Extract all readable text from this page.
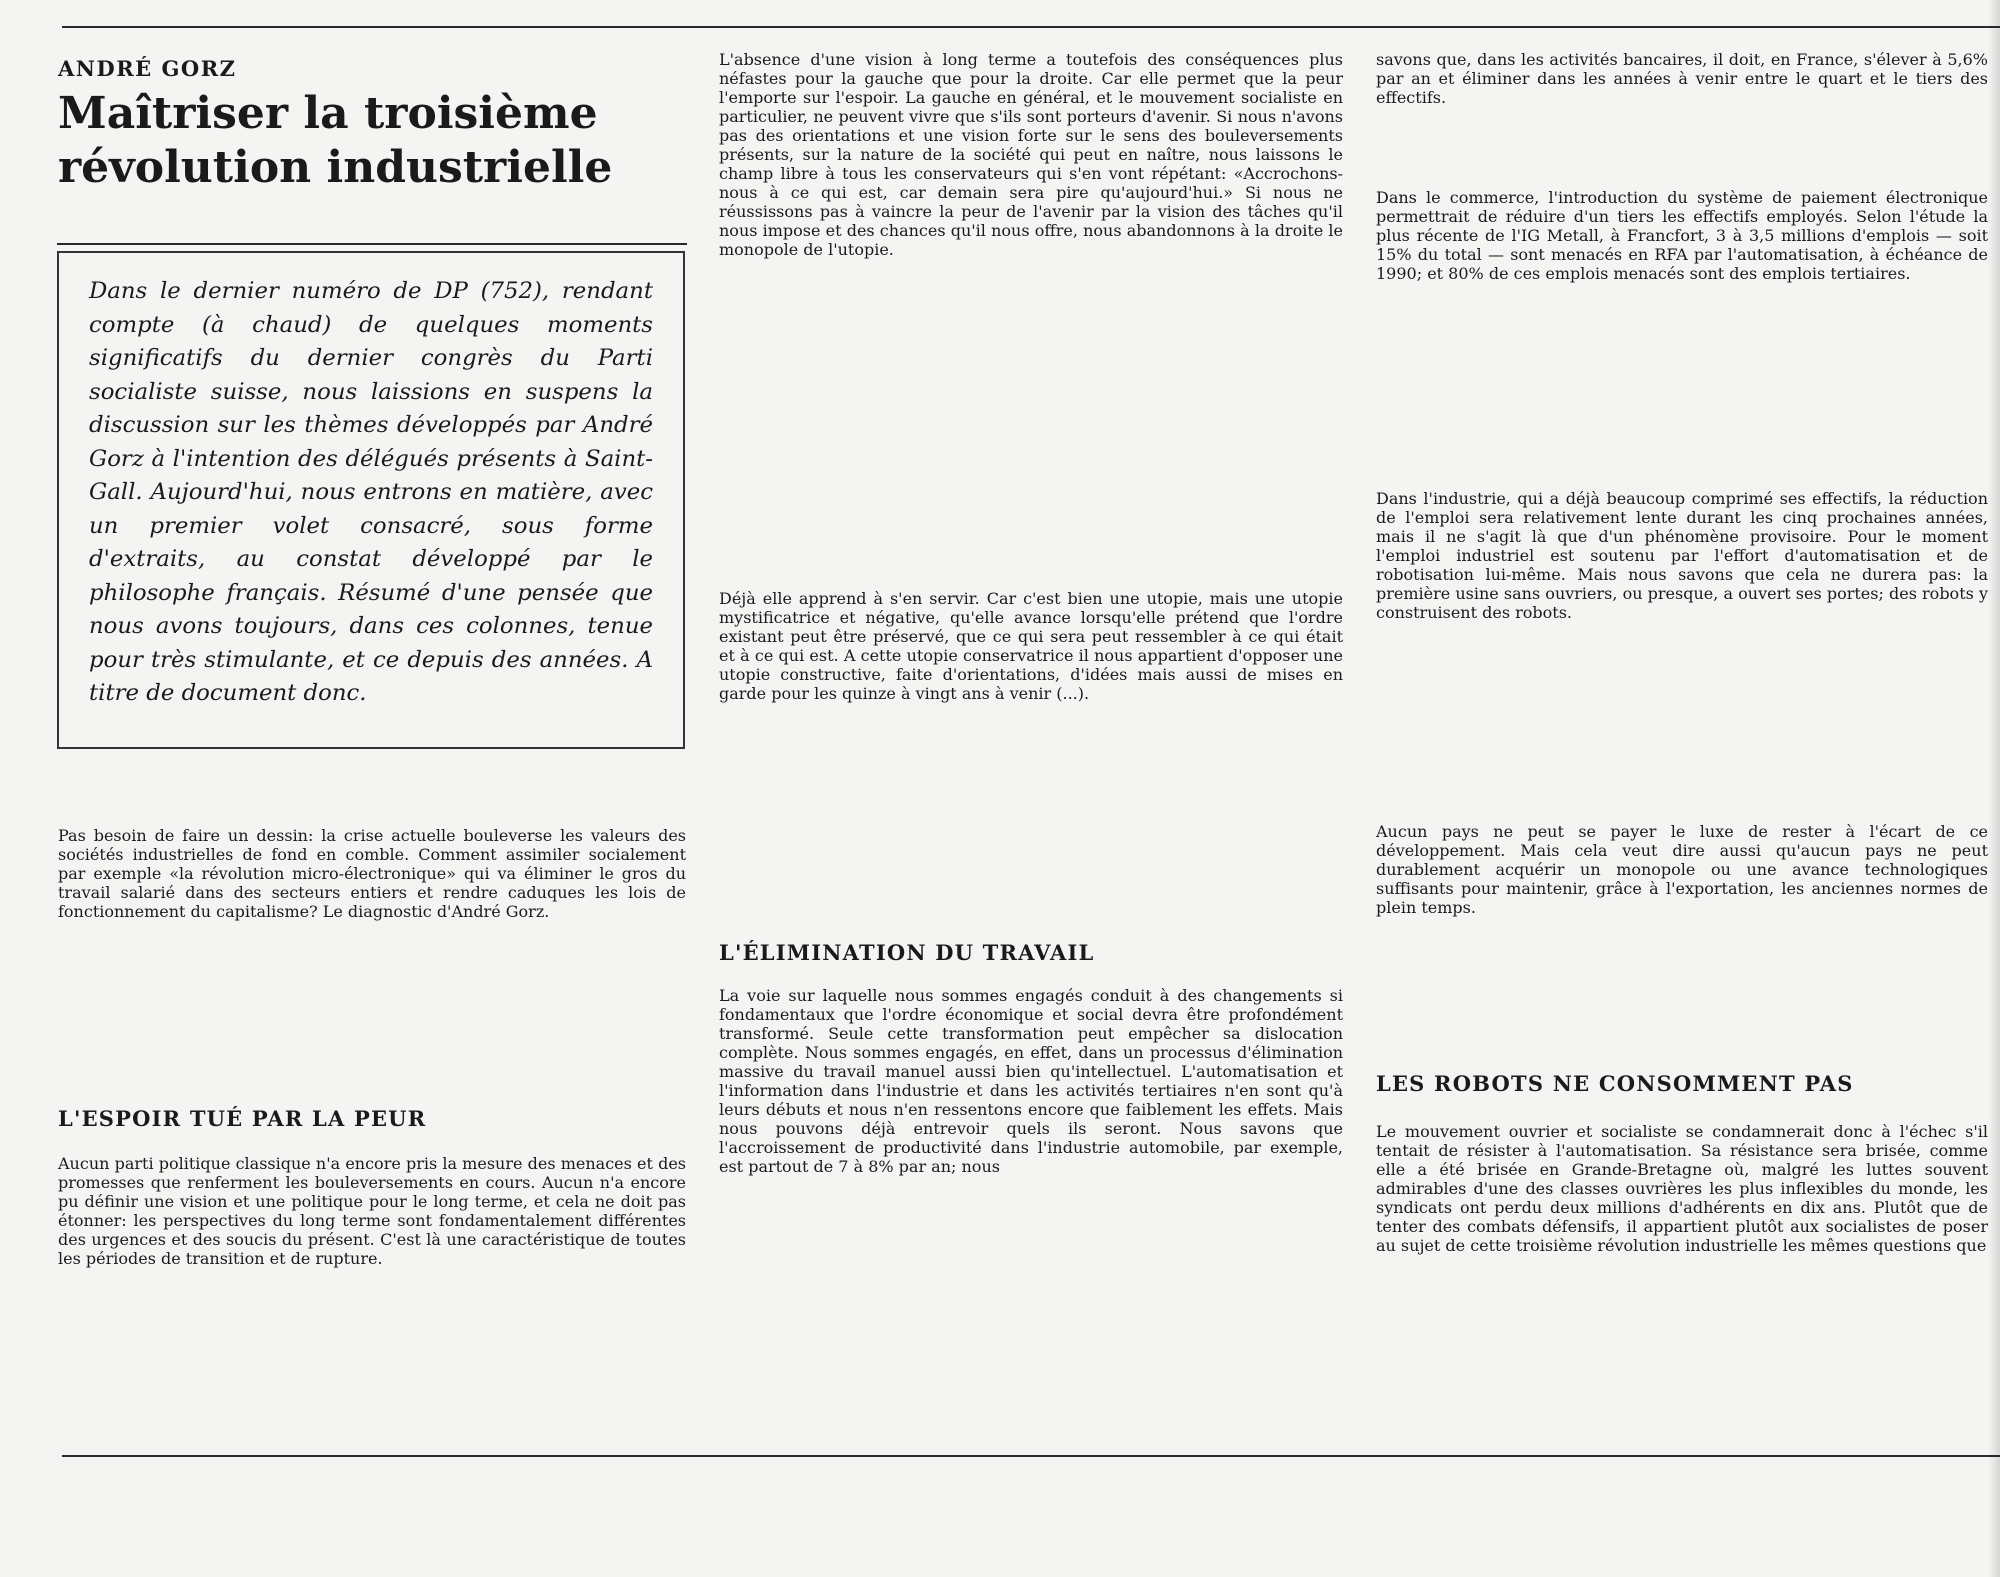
ANDRÉ GORZ
Maîtriser la troisième
révolution industrielle

Dans le dernier numéro de DP (752), rendant compte (à chaud) de quelques moments significatifs du dernier congrès du Parti socialiste suisse, nous laissions en suspens la discussion sur les thèmes développés par André Gorz à l'intention des délégués présents à Saint-Gall. Aujourd'hui, nous entrons en matière, avec un premier volet consacré, sous forme d'extraits, au constat développé par le philosophe français. Résumé d'une pensée que nous avons toujours, dans ces colonnes, tenue pour très stimulante, et ce depuis des années. A titre de document donc.

Pas besoin de faire un dessin: la crise actuelle bouleverse les valeurs des sociétés industrielles de fond en comble. Comment assimiler socialement par exemple «la révolution micro-électronique» qui va éliminer le gros du travail salarié dans des secteurs entiers et rendre caduques les lois de fonctionnement du capitalisme? Le diagnostic d'André Gorz.

L'ESPOIR TUÉ PAR LA PEUR

Aucun parti politique classique n'a encore pris la mesure des menaces et des promesses que renferment les bouleversements en cours. Aucun n'a encore pu définir une vision et une politique pour le long terme, et cela ne doit pas étonner: les perspectives du long terme sont fondamentalement différentes des urgences et des soucis du présent. C'est là une caractéristique de toutes les périodes de transition et de rupture.

L'absence d'une vision à long terme a toutefois des conséquences plus néfastes pour la gauche que pour la droite. Car elle permet que la peur l'emporte sur l'espoir. La gauche en général, et le mouvement socialiste en particulier, ne peuvent vivre que s'ils sont porteurs d'avenir. Si nous n'avons pas des orientations et une vision forte sur le sens des bouleversements présents, sur la nature de la société qui peut en naître, nous laissons le champ libre à tous les conservateurs qui s'en vont répétant: «Accrochons-nous à ce qui est, car demain sera pire qu'aujourd'hui.» Si nous ne réussissons pas à vaincre la peur de l'avenir par la vision des tâches qu'il nous impose et des chances qu'il nous offre, nous abandonnons à la droite le monopole de l'utopie.

Déjà elle apprend à s'en servir. Car c'est bien une utopie, mais une utopie mystificatrice et négative, qu'elle avance lorsqu'elle prétend que l'ordre existant peut être préservé, que ce qui sera peut ressembler à ce qui était et à ce qui est. A cette utopie conservatrice il nous appartient d'opposer une utopie constructive, faite d'orientations, d'idées mais aussi de mises en garde pour les quinze à vingt ans à venir (...).

L'ÉLIMINATION DU TRAVAIL

La voie sur laquelle nous sommes engagés conduit à des changements si fondamentaux que l'ordre économique et social devra être profondément transformé. Seule cette transformation peut empêcher sa dislocation complète. Nous sommes engagés, en effet, dans un processus d'élimination massive du travail manuel aussi bien qu'intellectuel. L'automatisation et l'information dans l'industrie et dans les activités tertiaires n'en sont qu'à leurs débuts et nous n'en ressentons encore que faiblement les effets. Mais nous pouvons déjà entrevoir quels ils seront. Nous savons que l'accroissement de productivité dans l'industrie automobile, par exemple, est partout de 7 à 8% par an; nous

savons que, dans les activités bancaires, il doit, en France, s'élever à 5,6% par an et éliminer dans les années à venir entre le quart et le tiers des effectifs.

Dans le commerce, l'introduction du système de paiement électronique permettrait de réduire d'un tiers les effectifs employés. Selon l'étude la plus récente de l'IG Metall, à Francfort, 3 à 3,5 millions d'emplois — soit 15% du total — sont menacés en RFA par l'automatisation, à échéance de 1990; et 80% de ces emplois menacés sont des emplois tertiaires.

Dans l'industrie, qui a déjà beaucoup comprimé ses effectifs, la réduction de l'emploi sera relativement lente durant les cinq prochaines années, mais il ne s'agit là que d'un phénomène provisoire. Pour le moment l'emploi industriel est soutenu par l'effort d'automatisation et de robotisation lui-même. Mais nous savons que cela ne durera pas: la première usine sans ouvriers, ou presque, a ouvert ses portes; des robots y construisent des robots.

Aucun pays ne peut se payer le luxe de rester à l'écart de ce développement. Mais cela veut dire aussi qu'aucun pays ne peut durablement acquérir un monopole ou une avance technologiques suffisants pour maintenir, grâce à l'exportation, les anciennes normes de plein temps.

LES ROBOTS NE CONSOMMENT PAS

Le mouvement ouvrier et socialiste se condamnerait donc à l'échec s'il tentait de résister à l'automatisation. Sa résistance sera brisée, comme elle a été brisée en Grande-Bretagne où, malgré les luttes souvent admirables d'une des classes ouvrières les plus inflexibles du monde, les syndicats ont perdu deux millions d'adhérents en dix ans. Plutôt que de tenter des combats défensifs, il appartient plutôt aux socialistes de poser au sujet de cette troisième révolution industrielle les mêmes questions que
